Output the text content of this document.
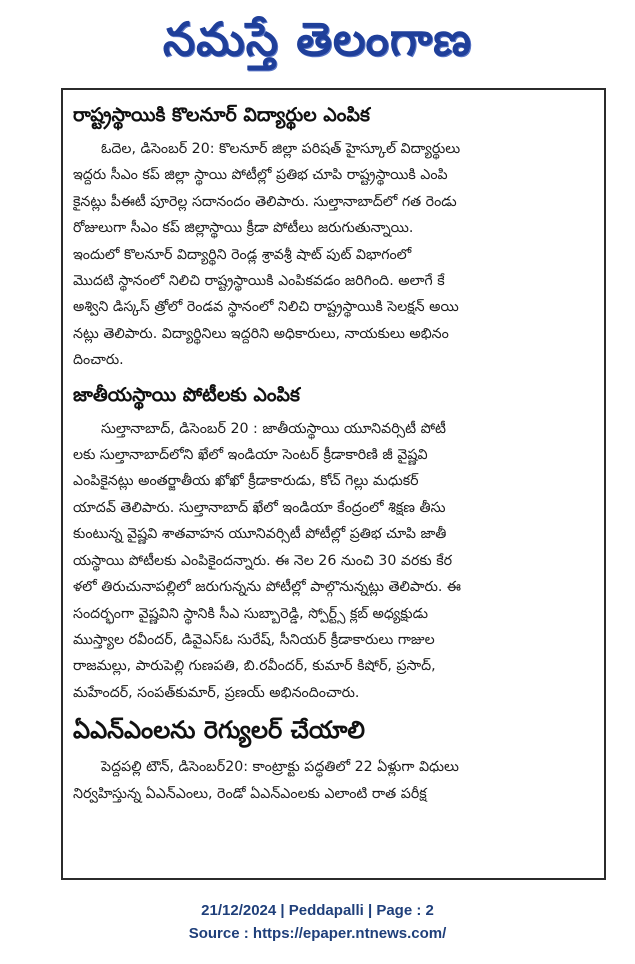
నమస్తే తెలంగాణ
రాష్ట్రస్థాయికి కొలనూర్‌ విద్యార్థుల ఎంపిక
ఓదెల, డిసెంబర్‌ 20: కొలనూర్‌ జిల్లా పరిషత్‌ హైస్కూల్‌ విద్యార్థులు
ఇద్దరు సీఎం కప్‌ జిల్లా స్థాయి పోటీల్లో ప్రతిభ చూపి రాష్ట్రస్థాయికి ఎంపి
కైనట్లు పీఈటీ పూరెల్ల సదానందం తెలిపారు. సుల్తానాబాద్‌లో గత రెండు
రోజులుగా సీఎం కప్‌ జిల్లాస్థాయి క్రీడా పోటీలు జరుగుతున్నాయి.
ఇందులో కొలనూర్‌ విద్యార్థిని రెండ్ల శ్రావశ్రీ షాట్‌ పుట్‌ విభాగంలో
మొదటి స్థానంలో నిలిచి రాష్ట్రస్థాయికి ఎంపికవడం జరిగింది. అలాగే కే
అశ్విని డిస్కస్‌ త్రోలో రెండవ స్థానంలో నిలిచి రాష్ట్రస్థాయికి సెలక్షన్‌ అయి
నట్లు తెలిపారు. విద్యార్థినిలు ఇద్దరిని అధికారులు, నాయకులు అభినం
దించారు.
జాతీయస్థాయి పోటీలకు ఎంపిక
సుల్తానాబాద్‌, డిసెంబర్‌ 20 : జాతీయస్థాయి యూనివర్సిటీ పోటీ
లకు సుల్తానాబాద్‌లోని ఖేలో ఇండియా సెంటర్‌ క్రీడాకారిణి జీ వైష్ణవి
ఎంపికైనట్లు అంతర్జాతీయ ఖోఖో క్రీడాకారుడు, కోచ్‌ గెల్లు మధుకర్‌
యాదవ్‌ తెలిపారు. సుల్తానాబాద్‌ ఖేలో ఇండియా కేంద్రంలో శిక్షణ తీసు
కుంటున్న వైష్ణవి శాతవాహన యూనివర్సిటీ పోటీల్లో ప్రతిభ చూపి జాతీ
యస్థాయి పోటీలకు ఎంపికైందన్నారు. ఈ నెల 26 నుంచి 30 వరకు కేర
ళలో తిరుచునాపల్లిలో జరుగున్నను పోటీల్లో పాల్గొనున్నట్లు తెలిపారు. ఈ
సందర్భంగా వైష్ణవిని స్థానికి సీఎ సుబ్బారెడ్డి, స్పోర్ట్స్‌ క్లబ్‌ అధ్యక్షుడు
ముస్త్యాల రవీందర్‌, డివైఎస్‌ఓ సురేష్‌, సీనియర్‌ క్రీడాకారులు గాజుల
రాజమల్లు, పారుపెల్లి గుణపతి, బి.రవీందర్‌, కుమార్‌ కిషోర్‌, ప్రసాద్‌,
మహేందర్‌, సంపత్‌కుమార్‌, ప్రణయ్‌ అభినందించారు.
ఏఎన్‌ఎంలను రెగ్యులర్‌ చేయాలి
పెద్దపల్లి టౌన్‌, డిసెంబర్‌20: కాంట్రాక్టు పద్ధతిలో 22 ఏళ్లుగా విధులు
నిర్వహిస్తున్న ఏఎన్‌ఎంలు, రెండో ఏఎన్‌ఎంలకు ఎలాంటి రాత పరీక్ష
21/12/2024 | Peddapalli | Page : 2
Source : https://epaper.ntnews.com/
